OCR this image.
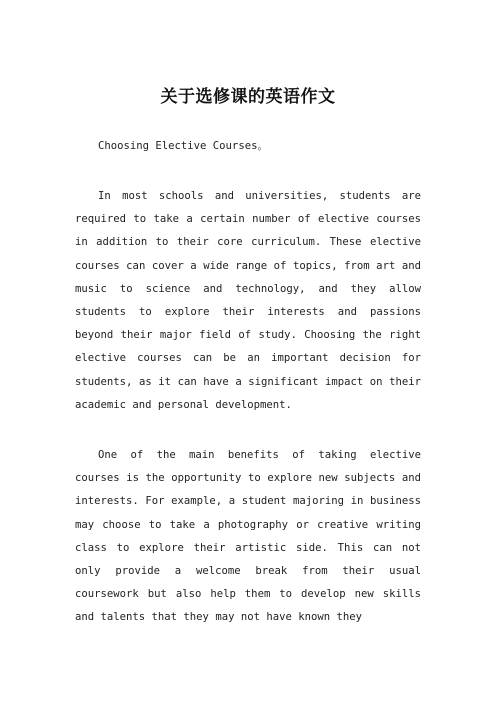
关于选修课的英语作文
Choosing Elective Courses。

In most schools and universities, students are required to take a certain number of elective courses in addition to their core curriculum. These elective courses can cover a wide range of topics, from art and music to science and technology, and they allow students to explore their interests and passions beyond their major field of study. Choosing the right elective courses can be an important decision for students, as it can have a significant impact on their academic and personal development.

One of the main benefits of taking elective courses is the opportunity to explore new subjects and interests. For example, a student majoring in business may choose to take a photography or creative writing class to explore their artistic side. This can not only provide a welcome break from their usual coursework but also help them to develop new skills and talents that they may not have known they
